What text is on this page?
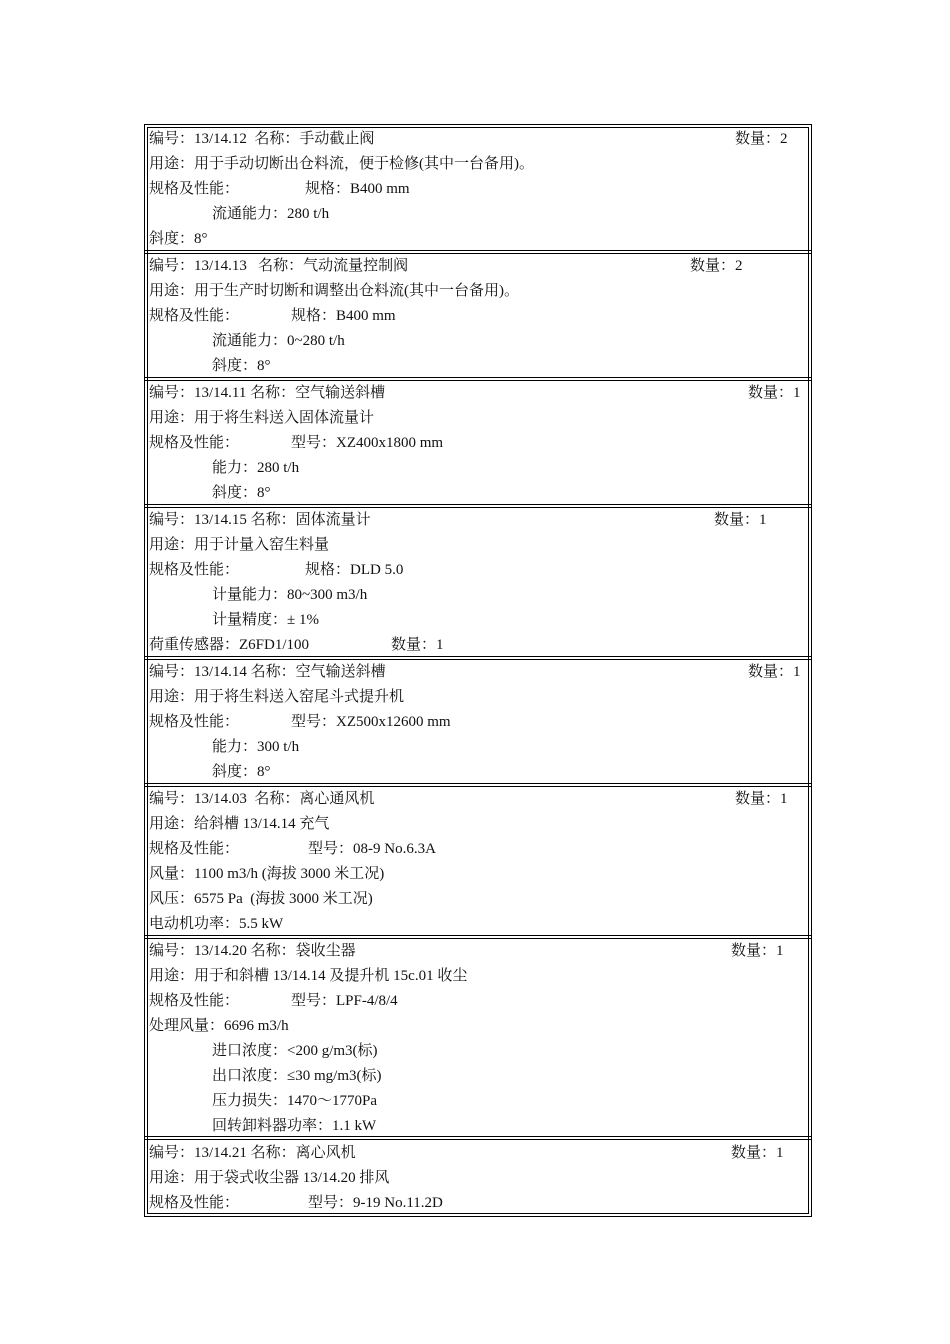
编号：13/14.12  名称：手动截止阀	数量：2
用途：用于手动切断出仓料流，便于检修(其中一台备用)。
规格及性能：	规格：B400 mm
流通能力：280 t/h
斜度：8°
编号：13/14.13   名称：气动流量控制阀	数量：2
用途：用于生产时切断和调整出仓料流(其中一台备用)。
规格及性能：	规格：B400 mm
流通能力：0~280 t/h
斜度：8°
编号：13/14.11 名称：空气输送斜槽	数量：1
用途：用于将生料送入固体流量计
规格及性能：	型号：XZ400x1800 mm
能力：280 t/h
斜度：8°
编号：13/14.15 名称：固体流量计	数量：1
用途：用于计量入窑生料量
规格及性能：	规格：DLD 5.0
计量能力：80~300 m3/h
计量精度：± 1%
荷重传感器：Z6FD1/100	数量：1
编号：13/14.14 名称：空气输送斜槽	数量：1
用途：用于将生料送入窑尾斗式提升机
规格及性能：	型号：XZ500x12600 mm
能力：300 t/h
斜度：8°
编号：13/14.03  名称：离心通风机	数量：1
用途：给斜槽 13/14.14 充气
规格及性能：	型号：08-9 No.6.3A
风量：1100 m3/h (海拔 3000 米工况)
风压：6575 Pa  (海拔 3000 米工况)
电动机功率：5.5 kW
编号：13/14.20 名称：袋收尘器	数量：1
用途：用于和斜槽 13/14.14 及提升机 15c.01 收尘
规格及性能：	型号：LPF-4/8/4
处理风量：6696 m3/h
进口浓度：<200 g/m3(标)
出口浓度：≤30 mg/m3(标)
压力损失：1470～1770Pa
回转卸料器功率：1.1 kW
编号：13/14.21 名称：离心风机	数量：1
用途：用于袋式收尘器 13/14.20 排风
规格及性能：	型号：9-19 No.11.2D
